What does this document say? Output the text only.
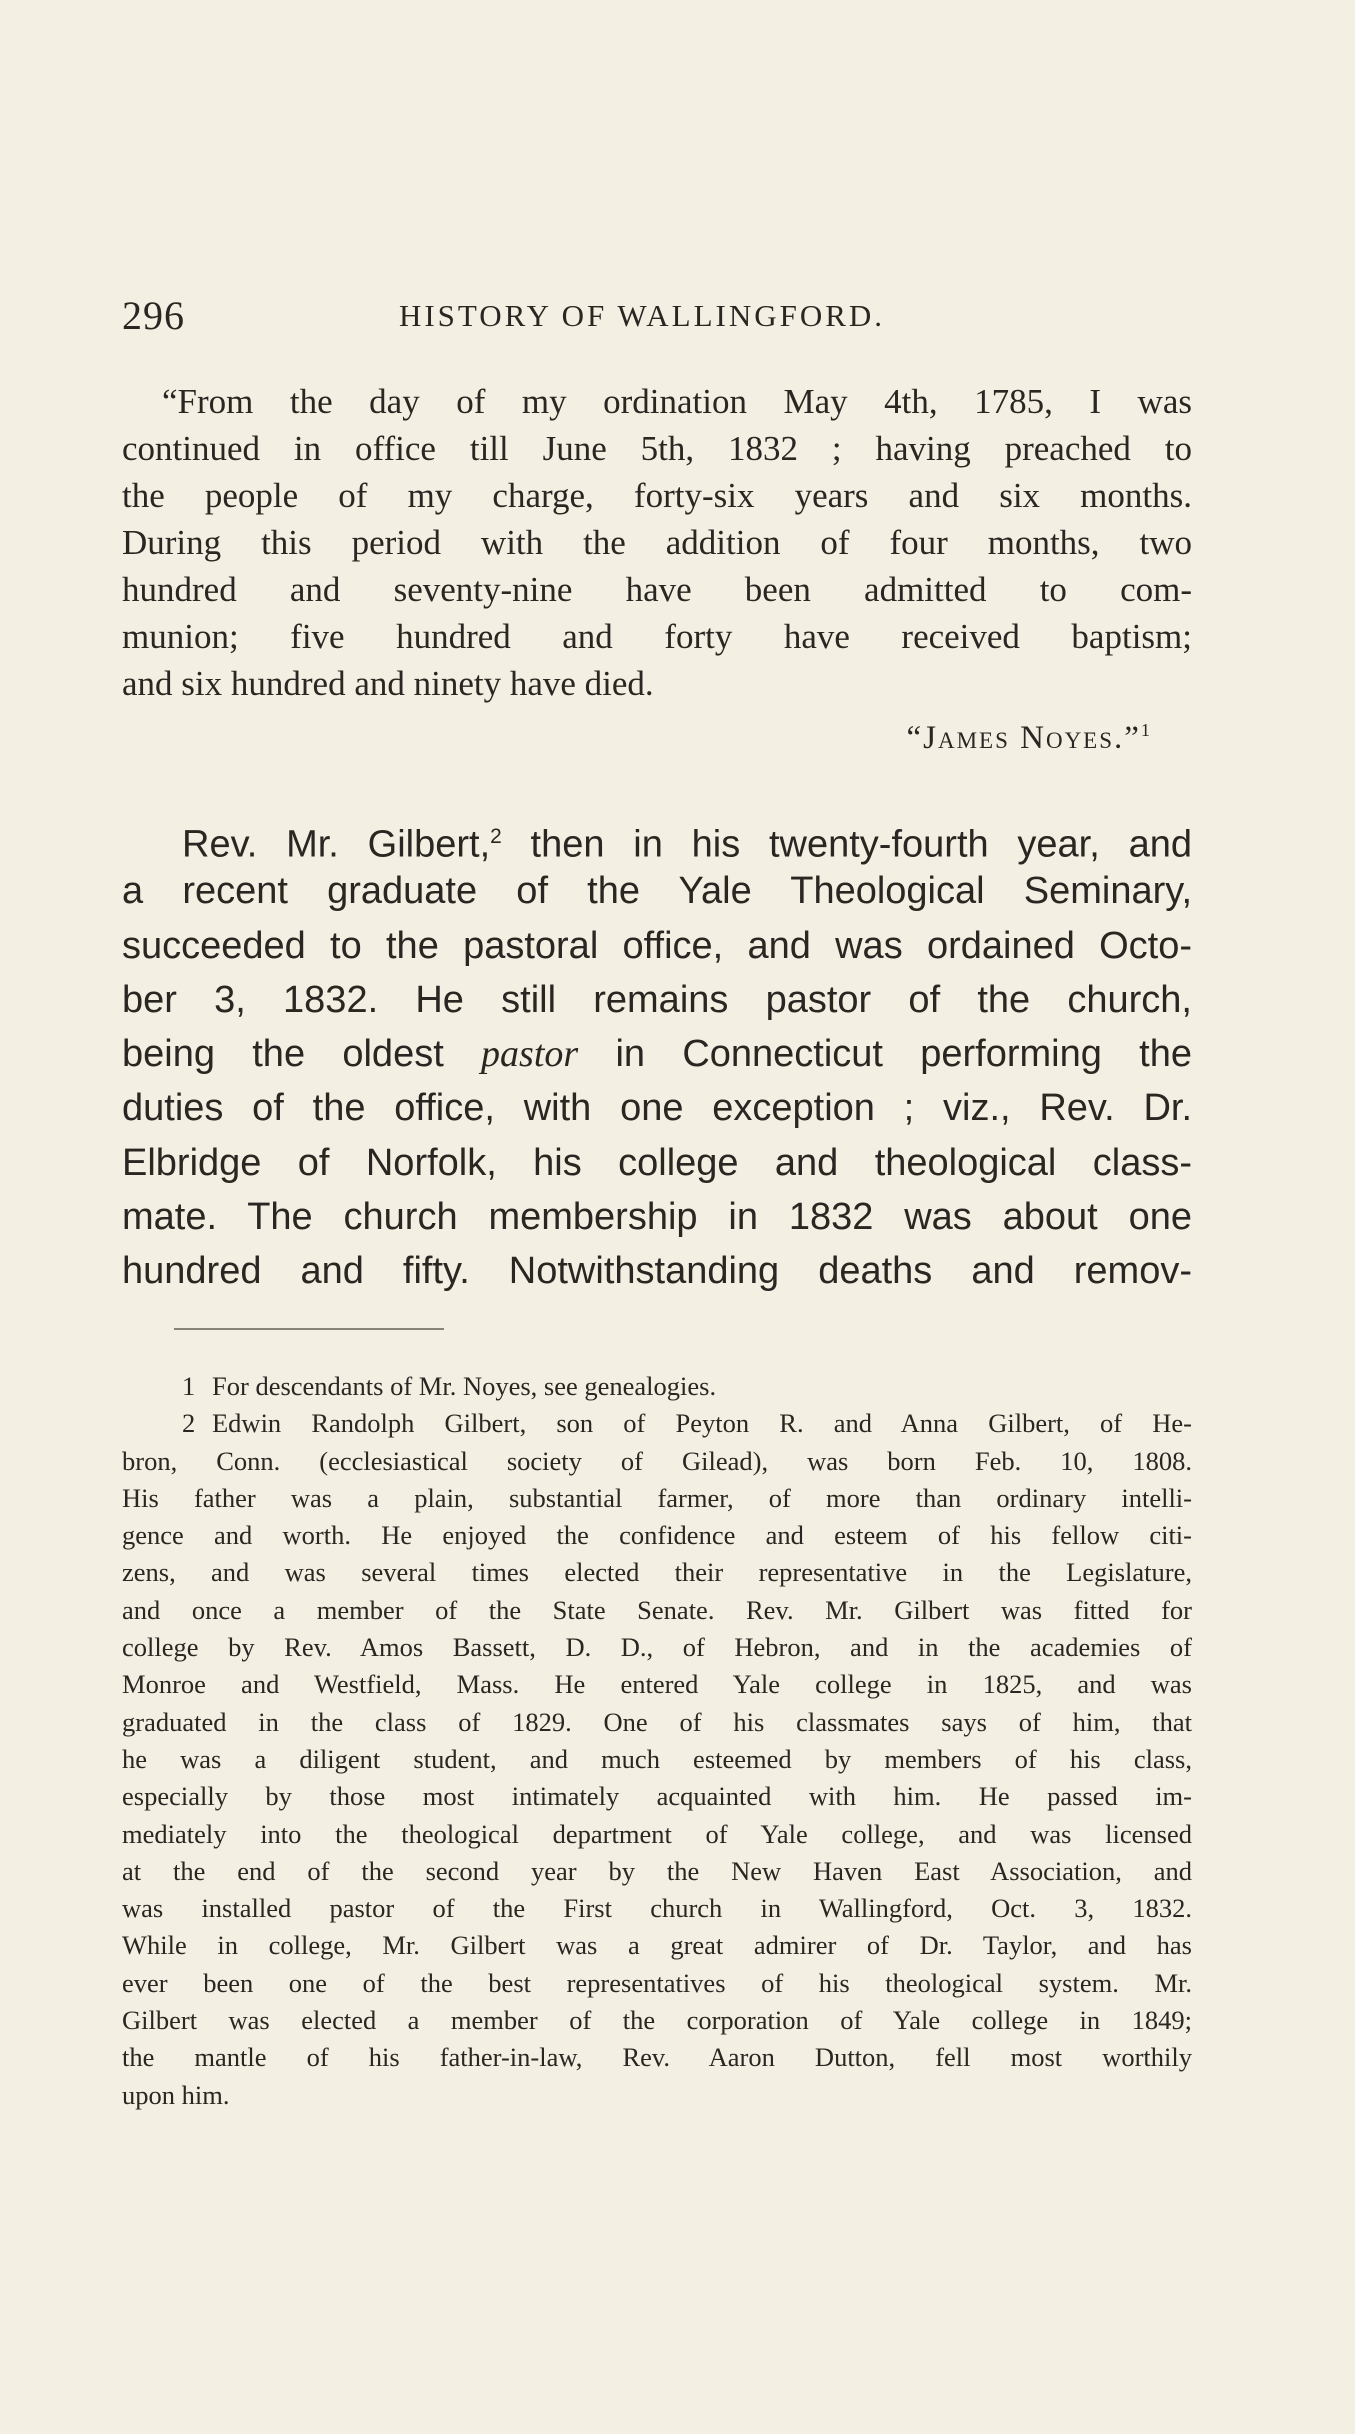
296	HISTORY OF WALLINGFORD.
“From the day of my ordination May 4th, 1785, I was
continued in office till June 5th, 1832 ; having preached to
the people of my charge, forty-six years and six months.
During this period with the addition of four months, two
hundred and seventy-nine have been admitted to com-
munion; five hundred and forty have received baptism;
and six hundred and ninety have died.
“James Noyes.”$^1$
Rev. Mr. Gilbert,$^2$ then in his twenty-fourth year, and
a recent graduate of the Yale Theological Seminary,
succeeded to the pastoral office, and was ordained Octo-
ber 3, 1832. He still remains pastor of the church,
being the oldest pastor in Connecticut performing the
duties of the office, with one exception ; viz., Rev. Dr.
Elbridge of Norfolk, his college and theological class-
mate. The church membership in 1832 was about one
hundred and fifty. Notwithstanding deaths and remov-
1 For descendants of Mr. Noyes, see genealogies.
2 Edwin Randolph Gilbert, son of Peyton R. and Anna Gilbert, of He-
bron, Conn. (ecclesiastical society of Gilead), was born Feb. 10, 1808.
His father was a plain, substantial farmer, of more than ordinary intelli-
gence and worth. He enjoyed the confidence and esteem of his fellow citi-
zens, and was several times elected their representative in the Legislature,
and once a member of the State Senate. Rev. Mr. Gilbert was fitted for
college by Rev. Amos Bassett, D. D., of Hebron, and in the academies of
Monroe and Westfield, Mass. He entered Yale college in 1825, and was
graduated in the class of 1829. One of his classmates says of him, that
he was a diligent student, and much esteemed by members of his class,
especially by those most intimately acquainted with him. He passed im-
mediately into the theological department of Yale college, and was licensed
at the end of the second year by the New Haven East Association, and
was installed pastor of the First church in Wallingford, Oct. 3, 1832.
While in college, Mr. Gilbert was a great admirer of Dr. Taylor, and has
ever been one of the best representatives of his theological system. Mr.
Gilbert was elected a member of the corporation of Yale college in 1849;
the mantle of his father-in-law, Rev. Aaron Dutton, fell most worthily
upon him.
